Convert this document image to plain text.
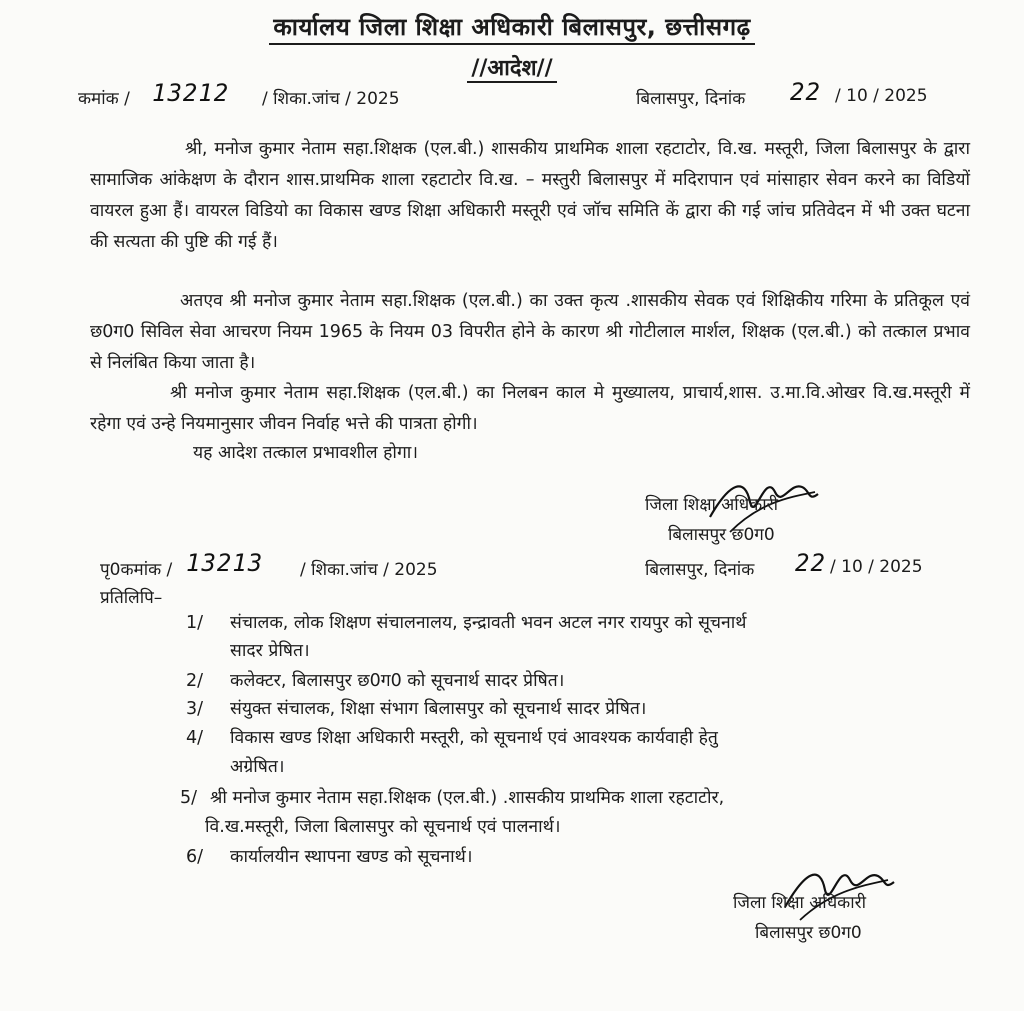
कार्यालय जिला शिक्षा अधिकारी बिलासपुर, छत्तीसगढ़
//आदेश//
कमांक / 13212 / शिका.जांच / 2025	बिलासपुर, दिनांक 22 / 10 / 2025
श्री, मनोज कुमार नेताम सहा.शिक्षक (एल.बी.) शासकीय प्राथमिक शाला रहटाटोर, वि.ख. मस्तूरी, जिला बिलासपुर के द्वारा सामाजिक आंकेक्षण के दौरान शास.प्राथमिक शाला रहटाटोर वि.ख. – मस्तुरी बिलासपुर में मदिरापान एवं मांसाहार सेवन करने का विडियों वायरल हुआ हैं। वायरल विडियो का विकास खण्ड शिक्षा अधिकारी मस्तूरी एवं जॉच समिति कें द्वारा की गई जांच प्रतिवेदन में भी उक्त घटना की सत्यता की पुष्टि की गई हैं।
अतएव श्री मनोज कुमार नेताम सहा.शिक्षक (एल.बी.) का उक्त कृत्य .शासकीय सेवक एवं शिक्षिकीय गरिमा के प्रतिकूल एवं छ0ग0 सिविल सेवा आचरण नियम 1965 के नियम 03 विपरीत होने के कारण श्री गोटीलाल मार्शल, शिक्षक (एल.बी.) को तत्काल प्रभाव से निलंबित किया जाता है।
श्री मनोज कुमार नेताम सहा.शिक्षक (एल.बी.) का निलबन काल मे मुख्यालय, प्राचार्य,शास. उ.मा.वि.ओखर वि.ख.मस्तूरी में रहेगा एवं उन्हे नियमानुसार जीवन निर्वाह भत्ते की पात्रता होगी।
यह आदेश तत्काल प्रभावशील होगा।
जिला शिक्षा अधिकारी
बिलासपुर छ0ग0
पृ0कमांक / 13213 / शिका.जांच / 2025	बिलासपुर, दिनांक 22 / 10 / 2025
प्रतिलिपि–
1/ संचालक, लोक शिक्षण संचालनालय, इन्द्रावती भवन अटल नगर रायपुर को सूचनार्थ
सादर प्रेषित।
2/ कलेक्टर, बिलासपुर छ0ग0 को सूचनार्थ सादर प्रेषित।
3/ संयुक्त संचालक, शिक्षा संभाग बिलासपुर को सूचनार्थ सादर प्रेषित।
4/ विकास खण्ड शिक्षा अधिकारी मस्तूरी, को सूचनार्थ एवं आवश्यक कार्यवाही हेतु
अग्रेषित।
5/ श्री मनोज कुमार नेताम सहा.शिक्षक (एल.बी.) .शासकीय प्राथमिक शाला रहटाटोर,
वि.ख.मस्तूरी, जिला बिलासपुर को सूचनार्थ एवं पालनार्थ।
6/ कार्यालयीन स्थापना खण्ड को सूचनार्थ।
जिला शिक्षा अधिकारी
बिलासपुर छ0ग0
